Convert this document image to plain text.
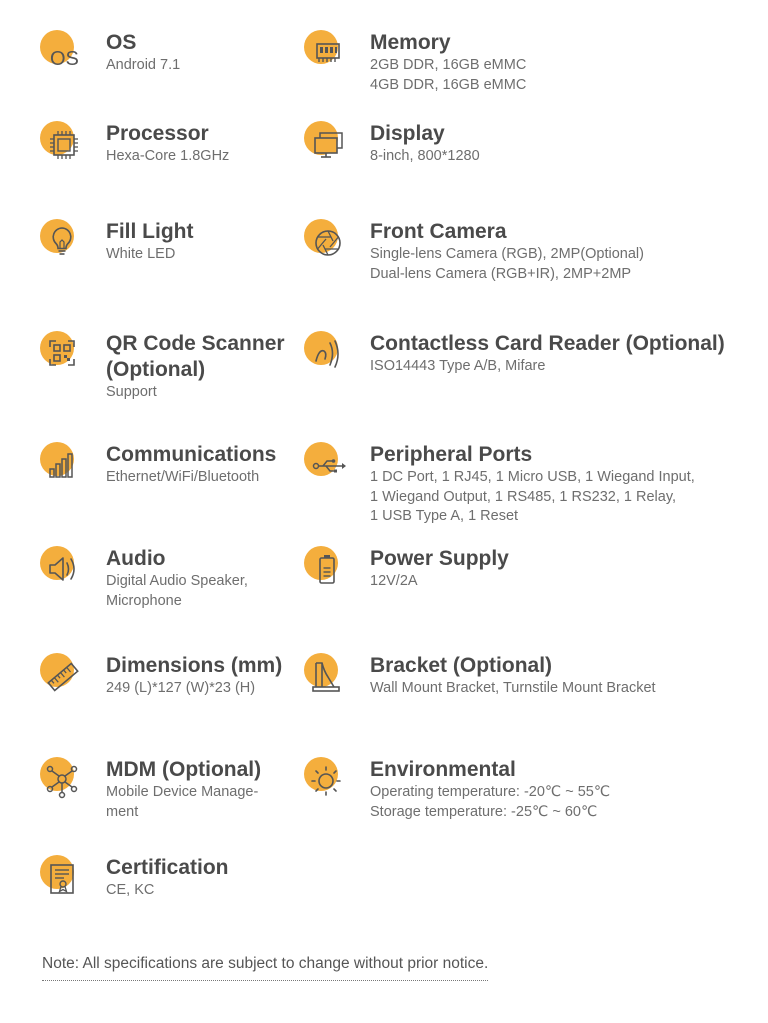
OS
OS
Android 7.1
Memory
2GB DDR, 16GB eMMC
4GB DDR, 16GB eMMC
Processor
Hexa-Core 1.8GHz
Display
8-inch, 800*1280
Fill Light
White LED
Front Camera
Single-lens Camera (RGB), 2MP(Optional)
Dual-lens Camera (RGB+IR), 2MP+2MP
QR Code Scanner
(Optional)
Support
Contactless Card Reader (Optional)
ISO14443 Type A/B, Mifare
Communications
Ethernet/WiFi/Bluetooth
Peripheral Ports
1 DC Port, 1 RJ45, 1 Micro USB, 1 Wiegand Input,
1 Wiegand Output, 1 RS485, 1 RS232, 1 Relay,
1 USB Type A, 1 Reset
Audio
Digital Audio Speaker,
Microphone
Power Supply
12V/2A
Dimensions (mm)
249 (L)*127 (W)*23 (H)
Bracket (Optional)
Wall Mount Bracket, Turnstile Mount Bracket
MDM (Optional)
Mobile Device Manage-
ment
Environmental
Operating temperature: -20℃ ~ 55℃
Storage temperature: -25℃ ~ 60℃
Certification
CE, KC
Note: All specifications are subject to change without prior notice.
